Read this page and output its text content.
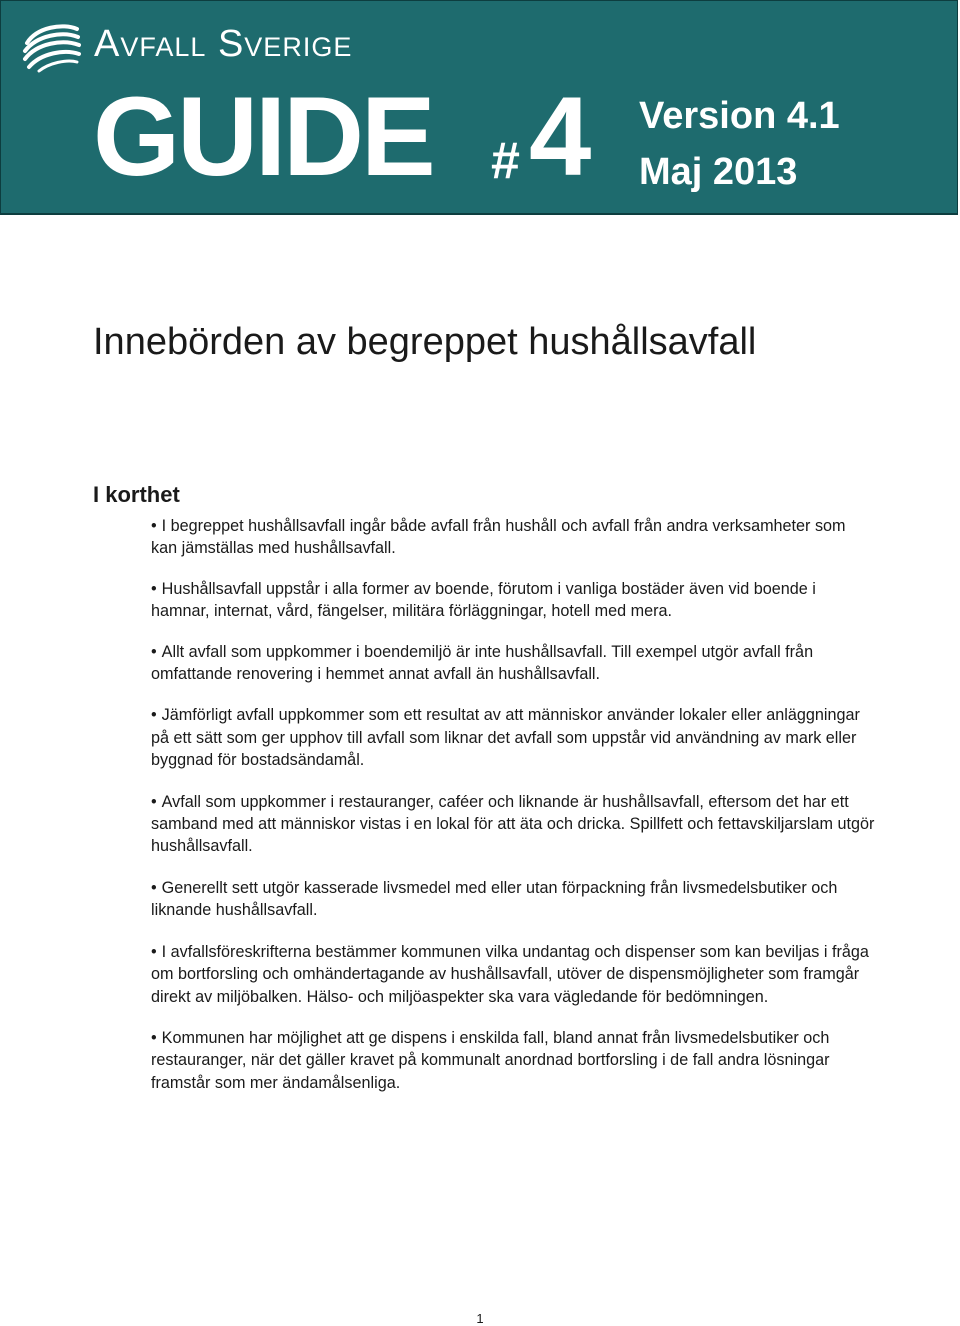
Avfall Sverige
GUIDE # 4 Version 4.1
Maj 2013
Innebörden av begreppet hushållsavfall
I korthet
• I begreppet hushållsavfall ingår både avfall från hushåll och avfall från andra verksamheter som kan jämställas med hushållsavfall.
• Hushållsavfall uppstår i alla former av boende, förutom i vanliga bostäder även vid boende i hamnar, internat, vård, fängelser, militära förläggningar, hotell med mera.
• Allt avfall som uppkommer i boendemiljö är inte hushållsavfall. Till exempel utgör avfall från omfattande renovering i hemmet annat avfall än hushållsavfall.
• Jämförligt avfall uppkommer som ett resultat av att människor använder lokaler eller anläggningar på ett sätt som ger upphov till avfall som liknar det avfall som uppstår vid användning av mark eller byggnad för bostadsändamål.
• Avfall som uppkommer i restauranger, caféer och liknande är hushållsavfall, eftersom det har ett samband med att människor vistas i en lokal för att äta och dricka. Spillfett och fettavskiljarslam utgör hushållsavfall.
• Generellt sett utgör kasserade livsmedel med eller utan förpackning från livsmedelsbutiker och liknande hushållsavfall.
• I avfallsföreskrifterna bestämmer kommunen vilka undantag och dispenser som kan beviljas i fråga om bortforsling och omhändertagande av hushållsavfall, utöver de dispensmöjligheter som framgår direkt av miljöbalken. Hälso- och miljöaspekter ska vara vägledande för bedömningen.
• Kommunen har möjlighet att ge dispens i enskilda fall, bland annat från livsmedelsbutiker och restauranger, när det gäller kravet på kommunalt anordnad bortforsling i de fall andra lösningar framstår som mer ändamålsenliga.
1
